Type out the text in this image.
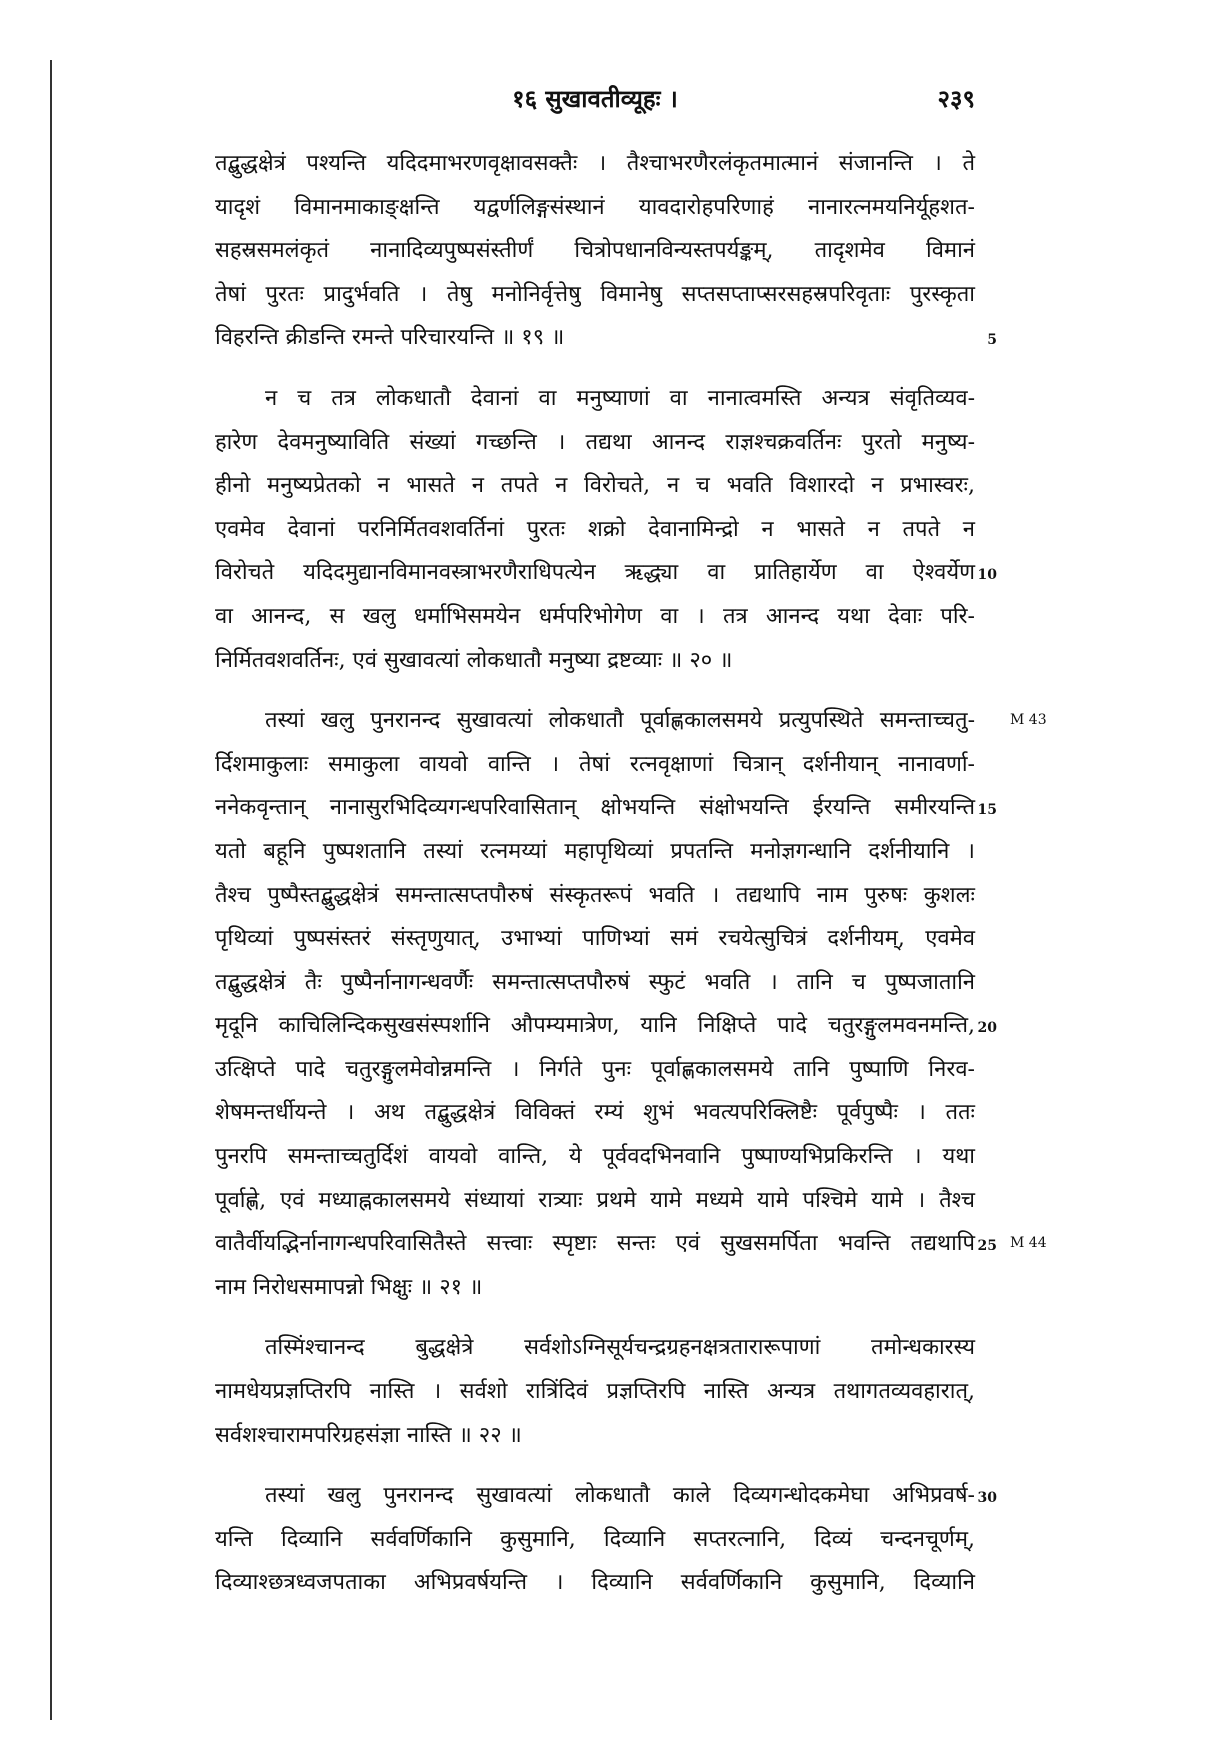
१६ सुखावतीव्यूहः ।	२३९
तद्बुद्धक्षेत्रं पश्यन्ति यदिदमाभरणवृक्षावसक्तैः । तैश्चाभरणैरलंकृतमात्मानं संजानन्ति । ते
यादृशं विमानमाकाङ्क्षन्ति यद्वर्णलिङ्गसंस्थानं यावदारोहपरिणाहं नानारत्नमयनिर्यूहशत-
सहस्रसमलंकृतं नानादिव्यपुष्पसंस्तीर्णं चित्रोपधानविन्यस्तपर्यङ्कम्, तादृशमेव विमानं
तेषां पुरतः प्रादुर्भवति । तेषु मनोनिर्वृत्तेषु विमानेषु सप्तसप्ताप्सरसहस्रपरिवृताः पुरस्कृता
विहरन्ति क्रीडन्ति रमन्ते परिचारयन्ति ॥ १९ ॥	5
न च तत्र लोकधातौ देवानां वा मनुष्याणां वा नानात्वमस्ति अन्यत्र संवृतिव्यव-
हारेण देवमनुष्याविति संख्यां गच्छन्ति । तद्यथा आनन्द राज्ञश्चक्रवर्तिनः पुरतो मनुष्य-
हीनो मनुष्यप्रेतको न भासते न तपते न विरोचते, न च भवति विशारदो न प्रभास्वरः,
एवमेव देवानां परनिर्मितवशवर्तिनां पुरतः शक्रो देवानामिन्द्रो न भासते न तपते न
विरोचते यदिदमुद्यानविमानवस्त्राभरणैराधिपत्येन ऋद्ध्या वा प्रातिहार्येण वा ऐश्वर्येण 10
वा आनन्द, स खलु धर्माभिसमयेन धर्मपरिभोगेण वा । तत्र आनन्द यथा देवाः परि-
निर्मितवशवर्तिनः, एवं सुखावत्यां लोकधातौ मनुष्या द्रष्टव्याः ॥ २० ॥
तस्यां खलु पुनरानन्द सुखावत्यां लोकधातौ पूर्वाह्णकालसमये प्रत्युपस्थिते समन्ताच्चतु-	M 43
र्दिशमाकुलाः समाकुला वायवो वान्ति । तेषां रत्नवृक्षाणां चित्रान् दर्शनीयान् नानावर्णा-
ननेकवृन्तान् नानासुरभिदिव्यगन्धपरिवासितान् क्षोभयन्ति संक्षोभयन्ति ईरयन्ति समीरयन्ति 15
यतो बहूनि पुष्पशतानि तस्यां रत्नमय्यां महापृथिव्यां प्रपतन्ति मनोज्ञगन्धानि दर्शनीयानि ।
तैश्च पुष्पैस्तद्बुद्धक्षेत्रं समन्तात्सप्तपौरुषं संस्कृतरूपं भवति । तद्यथापि नाम पुरुषः कुशलः
पृथिव्यां पुष्पसंस्तरं संस्तृणुयात्, उभाभ्यां पाणिभ्यां समं रचयेत्सुचित्रं दर्शनीयम्, एवमेव
तद्बुद्धक्षेत्रं तैः पुष्पैर्नानागन्धवर्णैः समन्तात्सप्तपौरुषं स्फुटं भवति । तानि च पुष्पजातानि
मृदूनि काचिलिन्दिकसुखसंस्पर्शानि औपम्यमात्रेण, यानि निक्षिप्ते पादे चतुरङ्गुलमवनमन्ति, 20
उत्क्षिप्ते पादे चतुरङ्गुलमेवोन्नमन्ति । निर्गते पुनः पूर्वाह्णकालसमये तानि पुष्पाणि निरव-
शेषमन्तर्धीयन्ते । अथ तद्बुद्धक्षेत्रं विविक्तं रम्यं शुभं भवत्यपरिक्लिष्टैः पूर्वपुष्पैः । ततः
पुनरपि समन्ताच्चतुर्दिशं वायवो वान्ति, ये पूर्ववदभिनवानि पुष्पाण्यभिप्रकिरन्ति । यथा
पूर्वाह्णे, एवं मध्याह्नकालसमये संध्यायां रात्र्याः प्रथमे यामे मध्यमे यामे पश्चिमे यामे । तैश्च
वातैर्वीयद्भिर्नानागन्धपरिवासितैस्ते सत्त्वाः स्पृष्टाः सन्तः एवं सुखसमर्पिता भवन्ति तद्यथापि 25 M 44
नाम निरोधसमापन्नो भिक्षुः ॥ २१ ॥
तस्मिंश्चानन्द बुद्धक्षेत्रे सर्वशोऽग्निसूर्यचन्द्रग्रहनक्षत्रतारारूपाणां तमोन्धकारस्य
नामधेयप्रज्ञप्तिरपि नास्ति । सर्वशो रात्रिंदिवं प्रज्ञप्तिरपि नास्ति अन्यत्र तथागतव्यवहारात्,
सर्वशश्चारामपरिग्रहसंज्ञा नास्ति ॥ २२ ॥
तस्यां खलु पुनरानन्द सुखावत्यां लोकधातौ काले दिव्यगन्धोदकमेघा अभिप्रवर्ष- 30
यन्ति दिव्यानि सर्ववर्णिकानि कुसुमानि, दिव्यानि सप्तरत्नानि, दिव्यं चन्दनचूर्णम्,
दिव्याश्छत्रध्वजपताका अभिप्रवर्षयन्ति । दिव्यानि सर्ववर्णिकानि कुसुमानि, दिव्यानि
